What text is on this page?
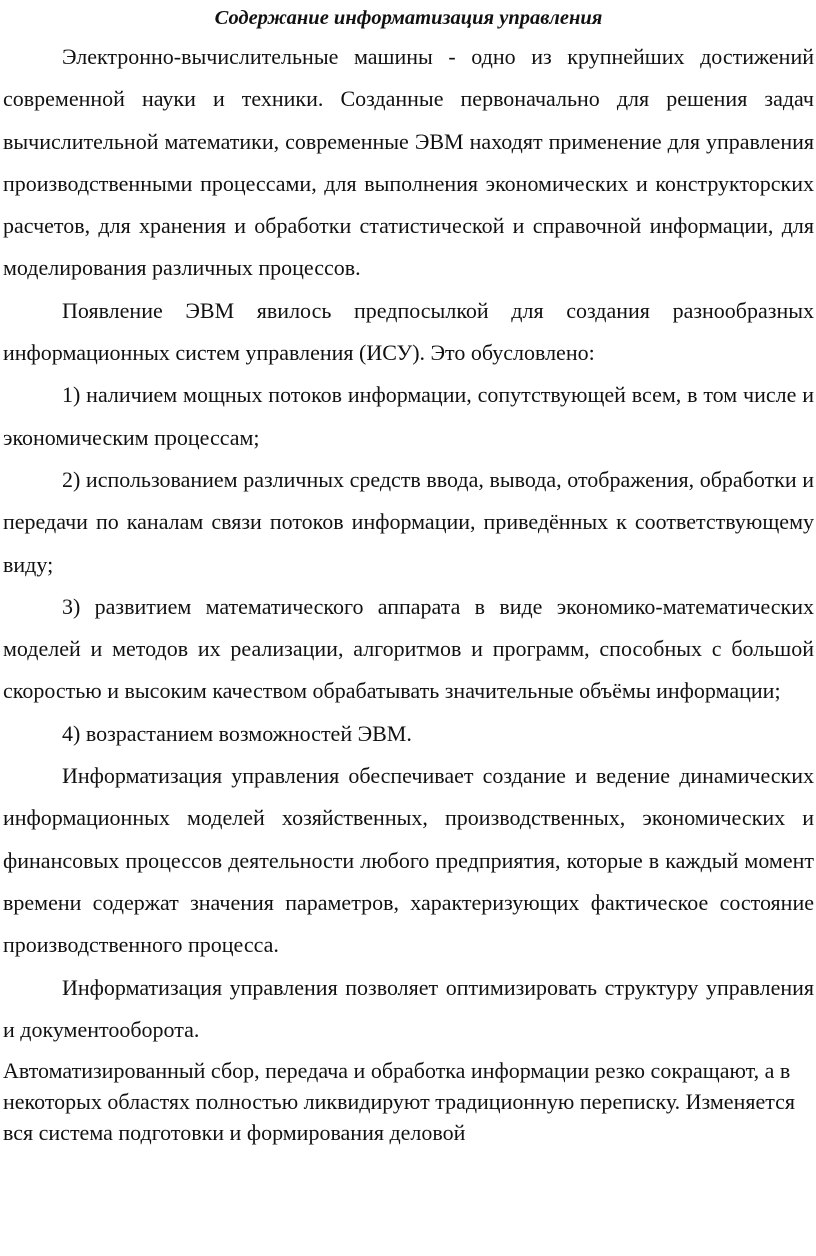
Содержание информатизация управления

Электронно-вычислительные машины - одно из крупнейших достижений современной науки и техники. Созданные первоначально для решения задач вычислительной математики, современные ЭВМ находят применение для управления производственными процессами, для выполнения экономических и конструкторских расчетов, для хранения и обработки статистической и справочной информации, для моделирования различных процессов.

Появление ЭВМ явилось предпосылкой для создания разнообразных информационных систем управления (ИСУ). Это обусловлено:

1) наличием мощных потоков информации, сопутствующей всем, в том числе и экономическим процессам;

2) использованием различных средств ввода, вывода, отображения, обработки и передачи по каналам связи потоков информации, приведённых к соответствующему виду;

3) развитием математического аппарата в виде экономико-математических моделей и методов их реализации, алгоритмов и программ, способных с большой скоростью и высоким качеством обрабатывать значительные объёмы информации;

4) возрастанием возможностей ЭВМ.

Информатизация управления обеспечивает создание и ведение динамических информационных моделей хозяйственных, производственных, экономических и финансовых процессов деятельности любого предприятия, которые в каждый момент времени содержат значения параметров, характеризующих фактическое состояние производственного процесса.

Информатизация управления позволяет оптимизировать структуру управления и документооборота.

Автоматизированный сбор, передача и обработка информации резко сокращают, а в некоторых областях полностью ликвидируют традиционную переписку. Изменяется вся система подготовки и формирования деловой
